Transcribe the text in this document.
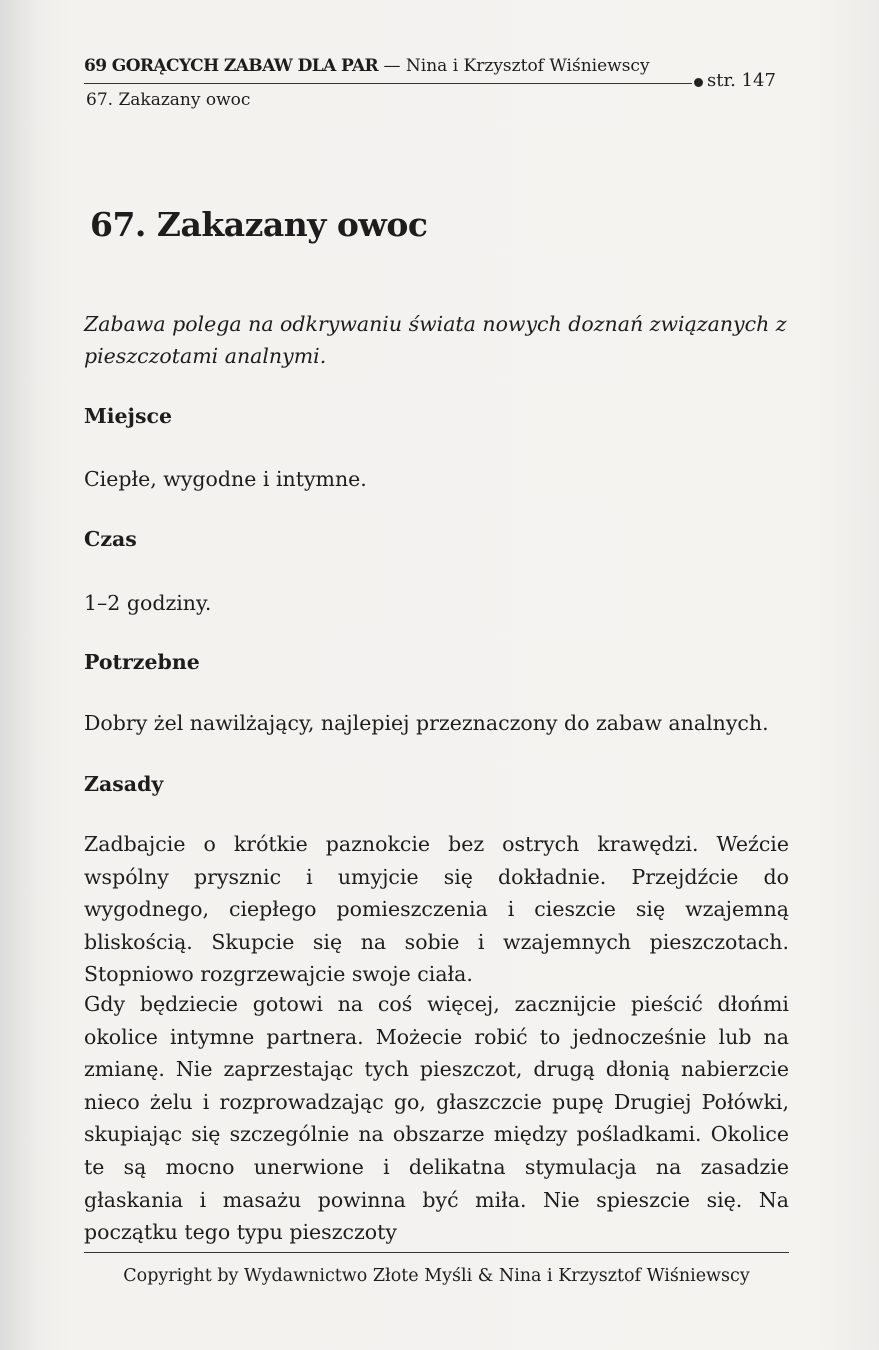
69 GORĄCYCH ZABAW DLA PAR — Nina i Krzysztof Wiśniewscy
str. 147
67. Zakazany owoc
67. Zakazany owoc
Zabawa polega na odkrywaniu świata nowych doznań związanych z pieszczotami analnymi.
Miejsce
Ciepłe, wygodne i intymne.
Czas
1–2 godziny.
Potrzebne
Dobry żel nawilżający, najlepiej przeznaczony do zabaw analnych.
Zasady
Zadbajcie o krótkie paznokcie bez ostrych krawędzi. Weźcie wspólny prysznic i umyjcie się dokładnie. Przejdźcie do wygodnego, ciepłego pomieszczenia i cieszcie się wzajemną bliskością. Skupcie się na sobie i wzajemnych pieszczotach. Stopniowo rozgrzewajcie swoje ciała.
Gdy będziecie gotowi na coś więcej, zacznijcie pieścić dłońmi okolice intymne partnera. Możecie robić to jednocześnie lub na zmianę. Nie zaprzestając tych pieszczot, drugą dłonią nabierzcie nieco żelu i rozprowadzając go, głaszczcie pupę Drugiej Połówki, skupiając się szczególnie na obszarze między pośladkami. Okolice te są mocno unerwione i delikatna stymulacja na zasadzie głaskania i masażu powinna być miła. Nie spieszcie się. Na początku tego typu pieszczoty
Copyright by Wydawnictwo Złote Myśli & Nina i Krzysztof Wiśniewscy
